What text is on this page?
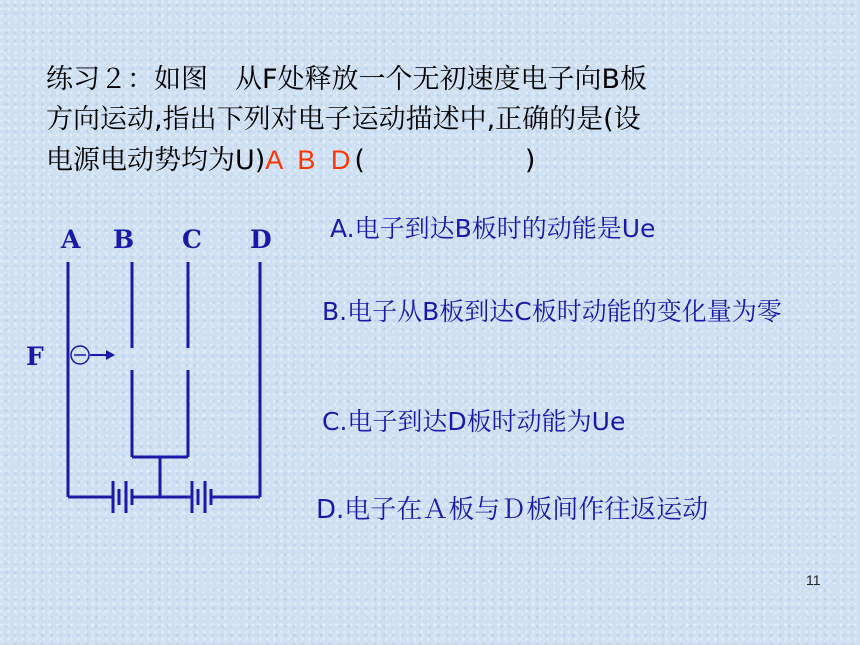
练习２：如图　从F处释放一个无初速度电子向B板
方向运动,指出下列对电子运动描述中,正确的是(设
电源电动势均为U)A B D(	)
A B C D
F
A.电子到达B板时的动能是Ue
B.电子从B板到达C板时动能的变化量为零
C.电子到达D板时动能为Ue
D.电子在Ａ板与Ｄ板间作往返运动
11
